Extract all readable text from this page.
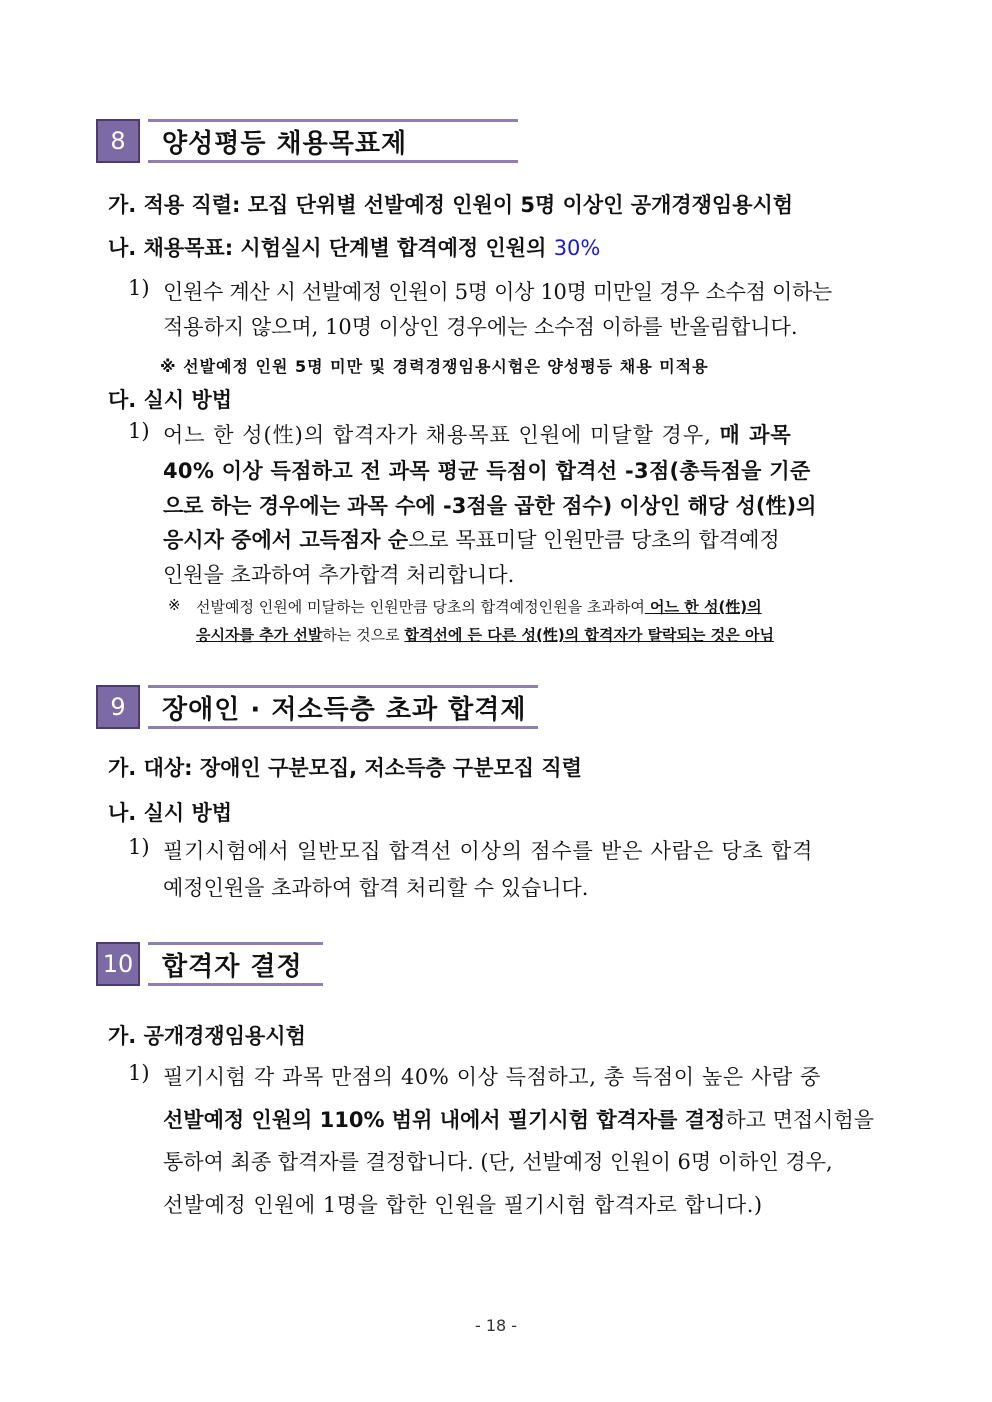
8	양성평등 채용목표제
가. 적용 직렬: 모집 단위별 선발예정 인원이 5명 이상인 공개경쟁임용시험
나. 채용목표: 시험실시 단계별 합격예정 인원의 30%
1) 인원수 계산 시 선발예정 인원이 5명 이상 10명 미만일 경우 소수점 이하는
적용하지 않으며, 10명 이상인 경우에는 소수점 이하를 반올림합니다.
※ 선발예정 인원 5명 미만 및 경력경쟁임용시험은 양성평등 채용 미적용
다. 실시 방법
1) 어느 한 성(性)의 합격자가 채용목표 인원에 미달할 경우, 매 과목
40% 이상 득점하고 전 과목 평균 득점이 합격선 -3점(총득점을 기준
으로 하는 경우에는 과목 수에 -3점을 곱한 점수) 이상인 해당 성(性)의
응시자 중에서 고득점자 순으로 목표미달 인원만큼 당초의 합격예정
인원을 초과하여 추가합격 처리합니다.
※ 선발예정 인원에 미달하는 인원만큼 당초의 합격예정인원을 초과하여 어느 한 성(性)의
응시자를 추가 선발하는 것으로 합격선에 든 다른 성(性)의 합격자가 탈락되는 것은 아님
9	장애인 · 저소득층 초과 합격제
가. 대상: 장애인 구분모집, 저소득층 구분모집 직렬
나. 실시 방법
1) 필기시험에서 일반모집 합격선 이상의 점수를 받은 사람은 당초 합격
예정인원을 초과하여 합격 처리할 수 있습니다.
10	합격자 결정
가. 공개경쟁임용시험
1) 필기시험 각 과목 만점의 40% 이상 득점하고, 총 득점이 높은 사람 중
선발예정 인원의 110% 범위 내에서 필기시험 합격자를 결정하고 면접시험을
통하여 최종 합격자를 결정합니다. (단, 선발예정 인원이 6명 이하인 경우,
선발예정 인원에 1명을 합한 인원을 필기시험 합격자로 합니다.)
- 18 -
